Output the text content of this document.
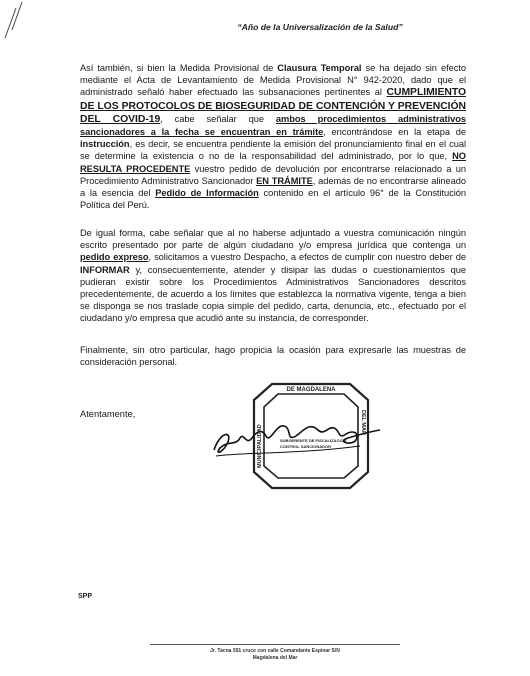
“Año de la Universalización de la Salud”
Así también, si bien la Medida Provisional de Clausura Temporal se ha dejado sin efecto mediante el Acta de Levantamiento de Medida Provisional N° 942-2020, dado que el administrado señaló haber efectuado las subsanaciones pertinentes al CUMPLIMIENTO DE LOS PROTOCOLOS DE BIOSEGURIDAD DE CONTENCIÓN Y PREVENCIÓN DEL COVID-19, cabe señalar que ambos procedimientos administrativos sancionadores a la fecha se encuentran en trámite, encontrándose en la etapa de instrucción, es decir, se encuentra pendiente la emisión del pronunciamiento final en el cual se determine la existencia o no de la responsabilidad del administrado, por lo que, NO RESULTA PROCEDENTE vuestro pedido de devolución por encontrarse relacionado a un Procedimiento Administrativo Sancionador EN TRÁMITE, además de no encontrarse alineado a la esencia del Pedido de Información contenido en el artículo 96° de la Constitución Política del Perú.
De igual forma, cabe señalar que al no haberse adjuntado a vuestra comunicación ningún escrito presentado por parte de algún ciudadano y/o empresa jurídica que contenga un pedido expreso, solicitamos a vuestro Despacho, a efectos de cumplir con nuestro deber de INFORMAR y, consecuentemente, atender y disipar las dudas o cuestionamientos que pudieran existir sobre los Procedimientos Administrativos Sancionadores descritos precedentemente, de acuerdo a los límites que establezca la normativa vigente, tenga a bien se disponga se nos traslade copia simple del pedido, carta, denuncia, etc., efectuado por el ciudadano y/o empresa que acudió ante su instancia, de corresponder.
Finalmente, sin otro particular, hago propicia la ocasión para expresarle las muestras de consideración personal.
Atentamente,
DE MAGDALENA
MUNICIPALIDAD
DEL MAR
SUBGERENTE DE FISCALIZACIÓN
CONTROL SANCIONADOR
SPP
Jr. Tacna 591 cruce con calle Comandante Espinar S/N
Magdalena del Mar
